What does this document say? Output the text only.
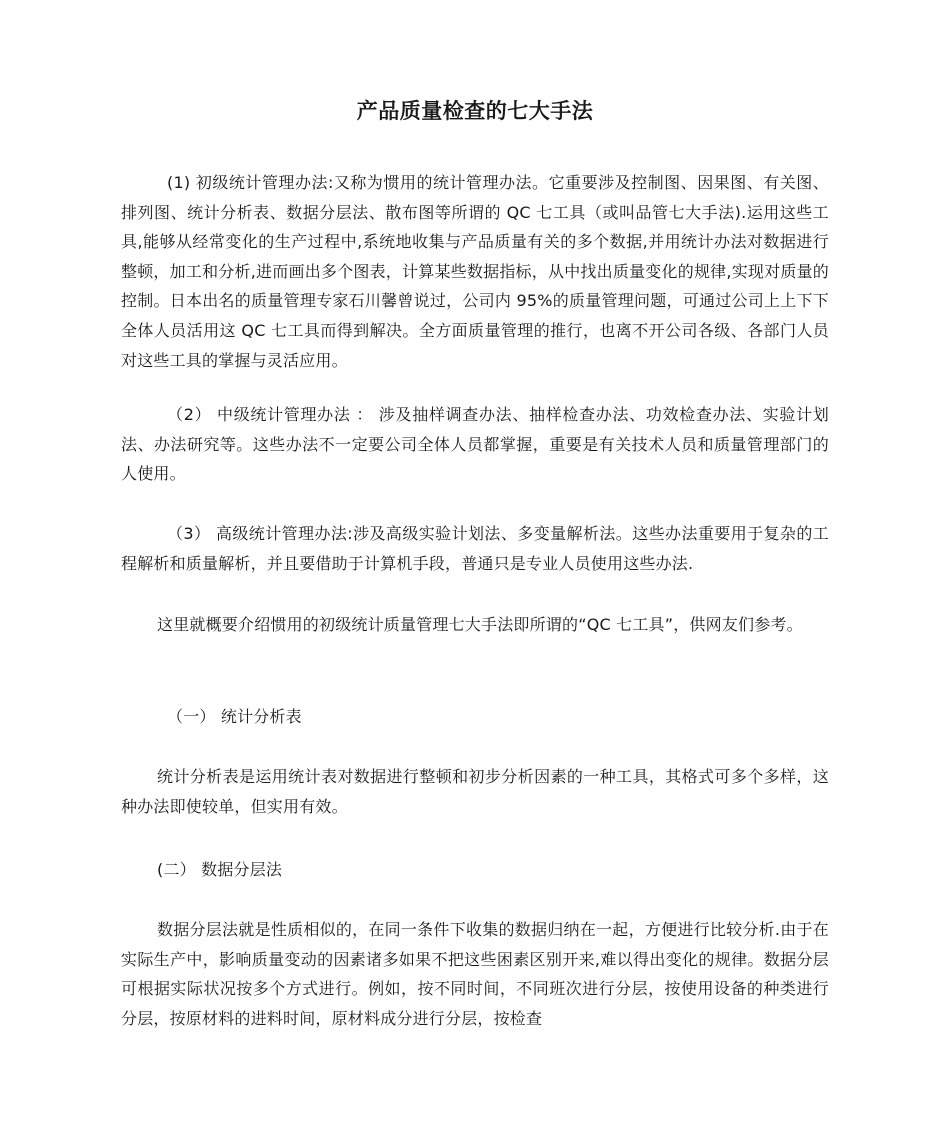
产品质量检查的七大手法

(1) 初级统计管理办法:又称为惯用的统计管理办法。它重要涉及控制图、因果图、有关图、排列图、统计分析表、数据分层法、散布图等所谓的 QC 七工具（或叫品管七大手法).运用这些工具,能够从经常变化的生产过程中,系统地收集与产品质量有关的多个数据,并用统计办法对数据进行整顿，加工和分析,进而画出多个图表，计算某些数据指标，从中找出质量变化的规律,实现对质量的控制。日本出名的质量管理专家石川馨曾说过，公司内 95%的质量管理问题，可通过公司上上下下全体人员活用这 QC 七工具而得到解决。全方面质量管理的推行，也离不开公司各级、各部门人员对这些工具的掌握与灵活应用。

（2） 中级统计管理办法 ： 涉及抽样调查办法、抽样检查办法、功效检查办法、实验计划法、办法研究等。这些办法不一定要公司全体人员都掌握，重要是有关技术人员和质量管理部门的人使用。

（3） 高级统计管理办法:涉及高级实验计划法、多变量解析法。这些办法重要用于复杂的工程解析和质量解析，并且要借助于计算机手段，普通只是专业人员使用这些办法.

这里就概要介绍惯用的初级统计质量管理七大手法即所谓的“QC 七工具”，供网友们参考。

（一） 统计分析表

统计分析表是运用统计表对数据进行整顿和初步分析因素的一种工具，其格式可多个多样，这种办法即使较单，但实用有效。

(二） 数据分层法

数据分层法就是性质相似的，在同一条件下收集的数据归纳在一起，方便进行比较分析.由于在实际生产中，影响质量变动的因素诸多如果不把这些困素区别开来,难以得出变化的规律。数据分层可根据实际状况按多个方式进行。例如，按不同时间，不同班次进行分层，按使用设备的种类进行分层，按原材料的进料时间，原材料成分进行分层，按检查
